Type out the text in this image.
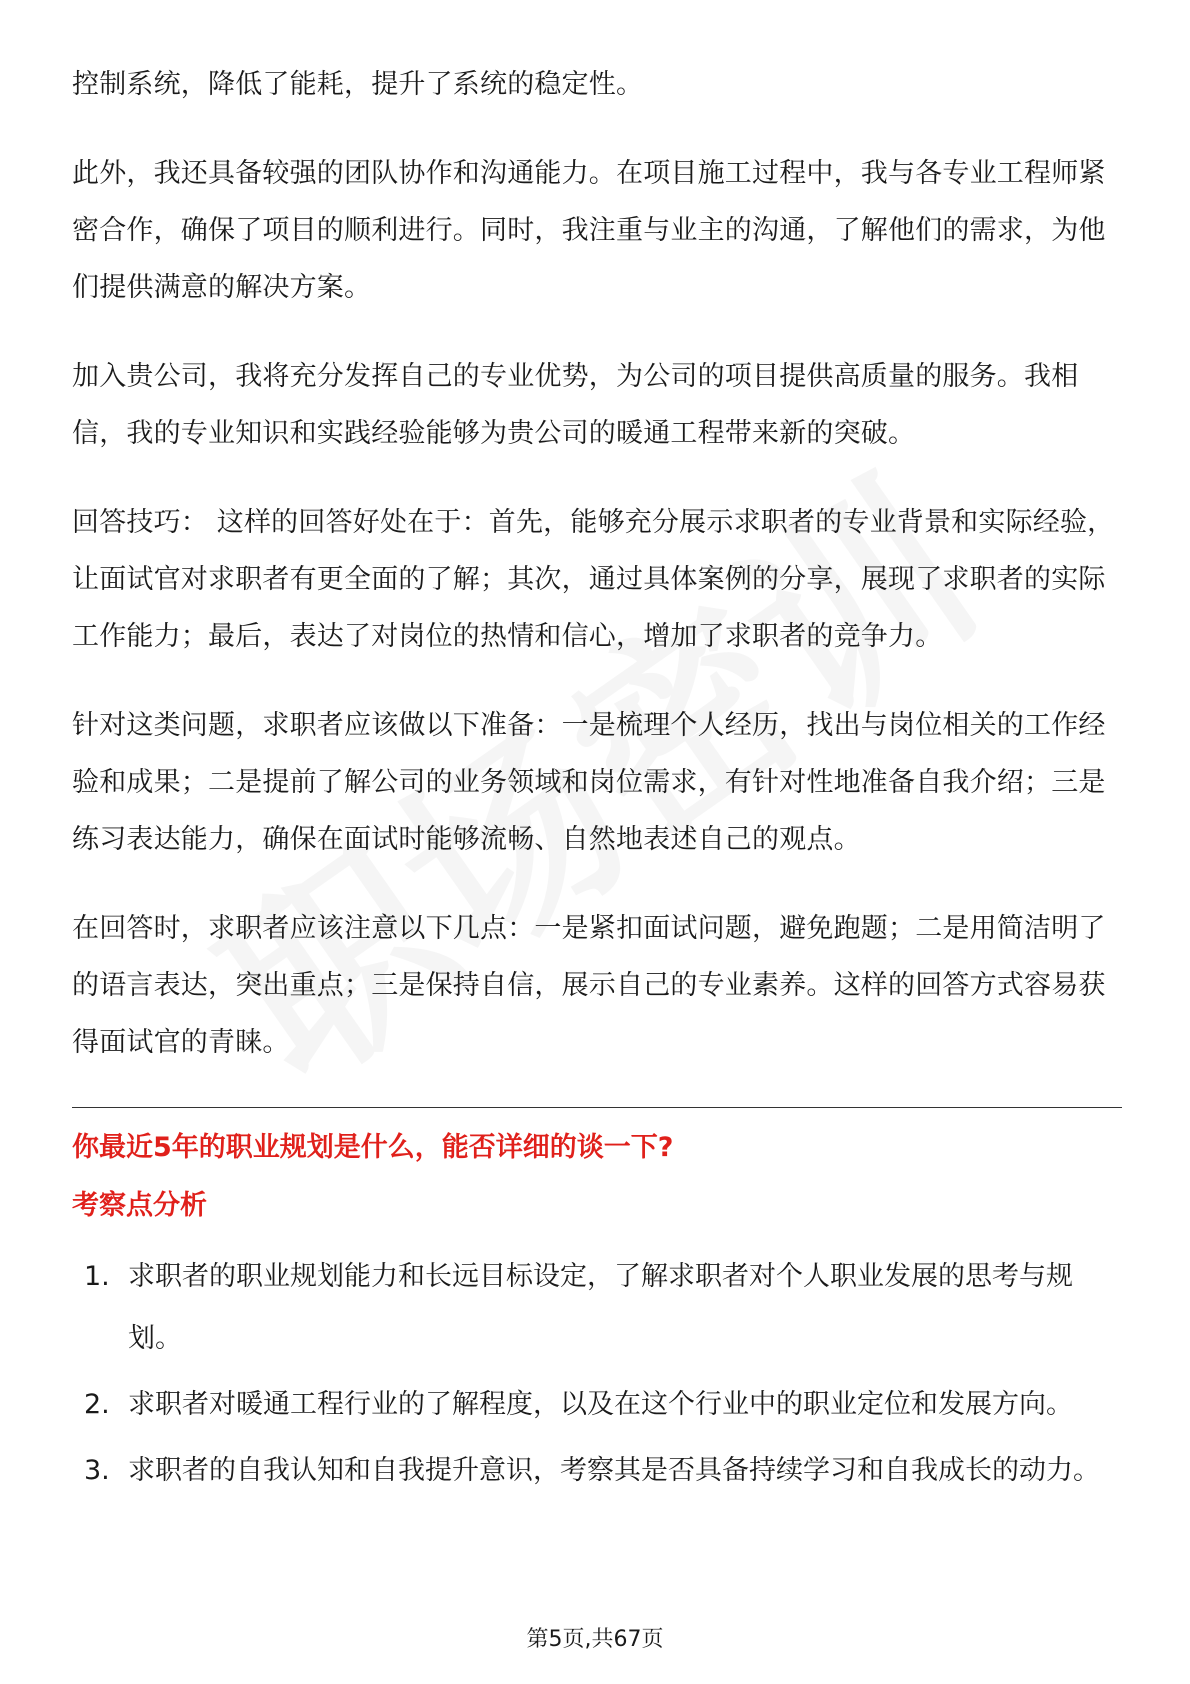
控制系统，降低了能耗，提升了系统的稳定性。

此外，我还具备较强的团队协作和沟通能力。在项目施工过程中，我与各专业工程师紧密合作，确保了项目的顺利进行。同时，我注重与业主的沟通，了解他们的需求，为他们提供满意的解决方案。

加入贵公司，我将充分发挥自己的专业优势，为公司的项目提供高质量的服务。我相信，我的专业知识和实践经验能够为贵公司的暖通工程带来新的突破。

回答技巧： 这样的回答好处在于：首先，能够充分展示求职者的专业背景和实际经验，让面试官对求职者有更全面的了解；其次，通过具体案例的分享，展现了求职者的实际工作能力；最后，表达了对岗位的热情和信心，增加了求职者的竞争力。

针对这类问题，求职者应该做以下准备：一是梳理个人经历，找出与岗位相关的工作经验和成果；二是提前了解公司的业务领域和岗位需求，有针对性地准备自我介绍；三是练习表达能力，确保在面试时能够流畅、自然地表述自己的观点。

在回答时，求职者应该注意以下几点：一是紧扣面试问题，避免跑题；二是用简洁明了的语言表达，突出重点；三是保持自信，展示自己的专业素养。这样的回答方式容易获得面试官的青睐。

你最近5年的职业规划是什么，能否详细的谈一下?
考察点分析
1. 求职者的职业规划能力和长远目标设定，了解求职者对个人职业发展的思考与规划。
2. 求职者对暖通工程行业的了解程度，以及在这个行业中的职业定位和发展方向。
3. 求职者的自我认知和自我提升意识，考察其是否具备持续学习和自我成长的动力。
第5页,共67页
